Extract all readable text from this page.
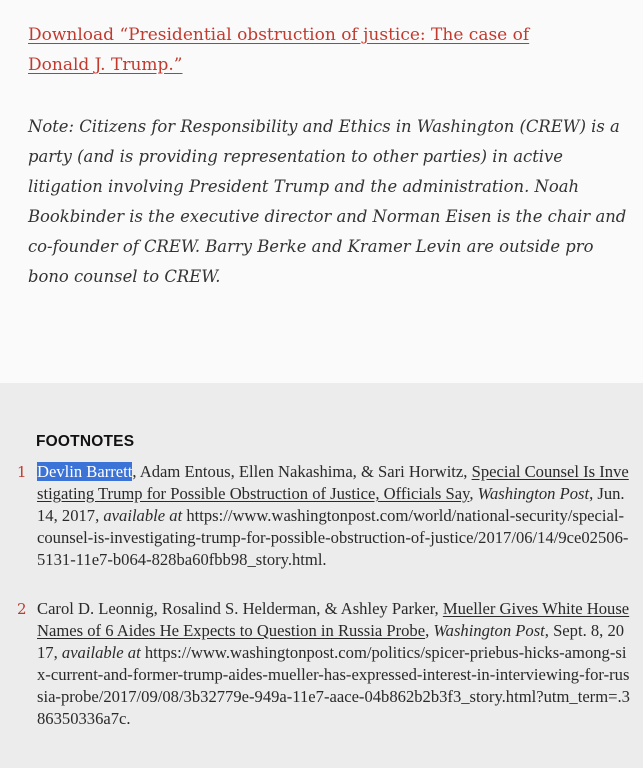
Download “Presidential obstruction of justice: The case of Donald J. Trump.”

Note: Citizens for Responsibility and Ethics in Washington (CREW) is a party (and is providing representation to other parties) in active litigation involving President Trump and the administration. Noah Bookbinder is the executive director and Norman Eisen is the chair and co-founder of CREW. Barry Berke and Kramer Levin are outside pro bono counsel to CREW.

FOOTNOTES
1 Devlin Barrett, Adam Entous, Ellen Nakashima, & Sari Horwitz, Special Counsel Is Investigating Trump for Possible Obstruction of Justice, Officials Say, Washington Post, Jun. 14, 2017, available at https://www.washingtonpost.com/world/national-security/special-counsel-is-investigating-trump-for-possible-obstruction-of-justice/2017/06/14/9ce02506-5131-11e7-b064-828ba60fbb98_story.html.
2 Carol D. Leonnig, Rosalind S. Helderman, & Ashley Parker, Mueller Gives White House Names of 6 Aides He Expects to Question in Russia Probe, Washington Post, Sept. 8, 2017, available at https://www.washingtonpost.com/politics/spicer-priebus-hicks-among-six-current-and-former-trump-aides-mueller-has-expressed-interest-in-interviewing-for-russia-probe/2017/09/08/3b32779e-949a-11e7-aace-04b862b2b3f3_story.html?utm_term=.386350336a7c.
